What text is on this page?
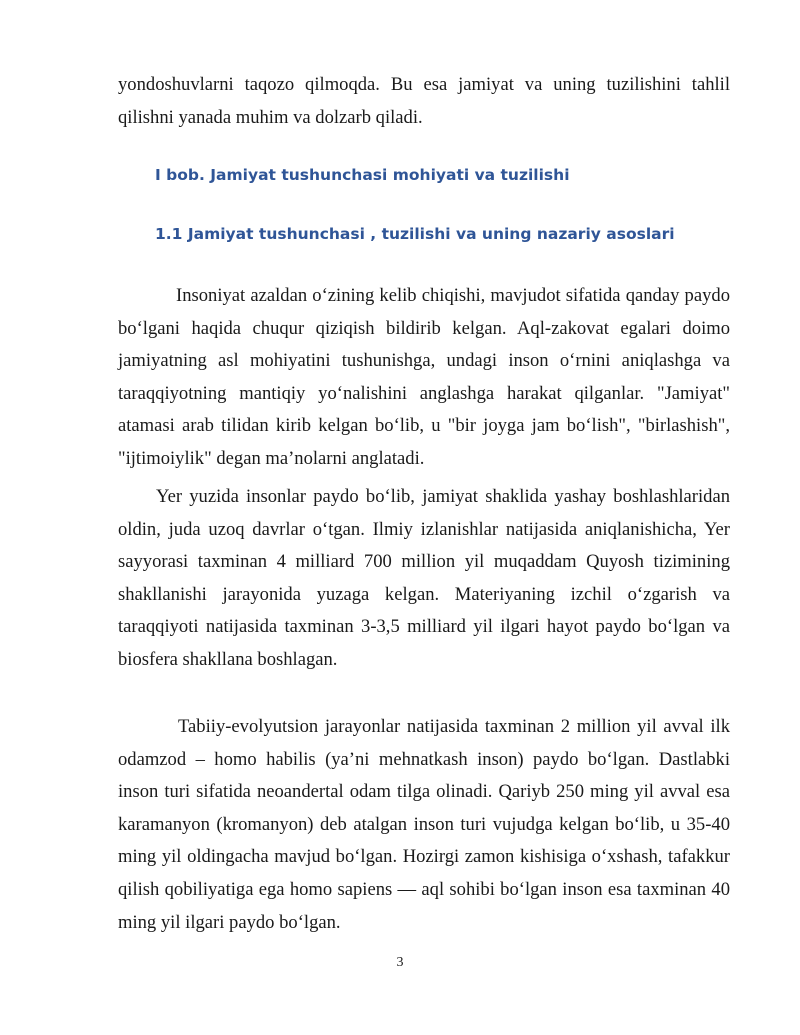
yondoshuvlarni taqozo qilmoqda. Bu esa jamiyat va uning tuzilishini tahlil qilishni yanada muhim va dolzarb qiladi.

I bob. Jamiyat tushunchasi mohiyati va tuzilishi
1.1 Jamiyat tushunchasi , tuzilishi va uning nazariy asoslari

Insoniyat azaldan o‘zining kelib chiqishi, mavjudot sifatida qanday paydo bo‘lgani haqida chuqur qiziqish bildirib kelgan. Aql-zakovat egalari doimo jamiyatning asl mohiyatini tushunishga, undagi inson o‘rnini aniqlashga va taraqqiyotning mantiqiy yo‘nalishini anglashga harakat qilganlar. "Jamiyat" atamasi arab tilidan kirib kelgan bo‘lib, u "bir joyga jam bo‘lish", "birlashish", "ijtimoiylik" degan ma’nolarni anglatadi.

Yer yuzida insonlar paydo bo‘lib, jamiyat shaklida yashay boshlashlaridan oldin, juda uzoq davrlar o‘tgan. Ilmiy izlanishlar natijasida aniqlanishicha, Yer sayyorasi taxminan 4 milliard 700 million yil muqaddam Quyosh tizimining shakllanishi jarayonida yuzaga kelgan. Materiyaning izchil o‘zgarish va taraqqiyoti natijasida taxminan 3-3,5 milliard yil ilgari hayot paydo bo‘lgan va biosfera shakllana boshlagan.

Tabiiy-evolyutsion jarayonlar natijasida taxminan 2 million yil avval ilk odamzod – homo habilis (ya’ni mehnatkash inson) paydo bo‘lgan. Dastlabki inson turi sifatida neoandertal odam tilga olinadi. Qariyb 250 ming yil avval esa karamanyon (kromanyon) deb atalgan inson turi vujudga kelgan bo‘lib, u 35-40 ming yil oldingacha mavjud bo‘lgan. Hozirgi zamon kishisiga o‘xshash, tafakkur qilish qobiliyatiga ega homo sapiens — aql sohibi bo‘lgan inson esa taxminan 40 ming yil ilgari paydo bo‘lgan.

3
